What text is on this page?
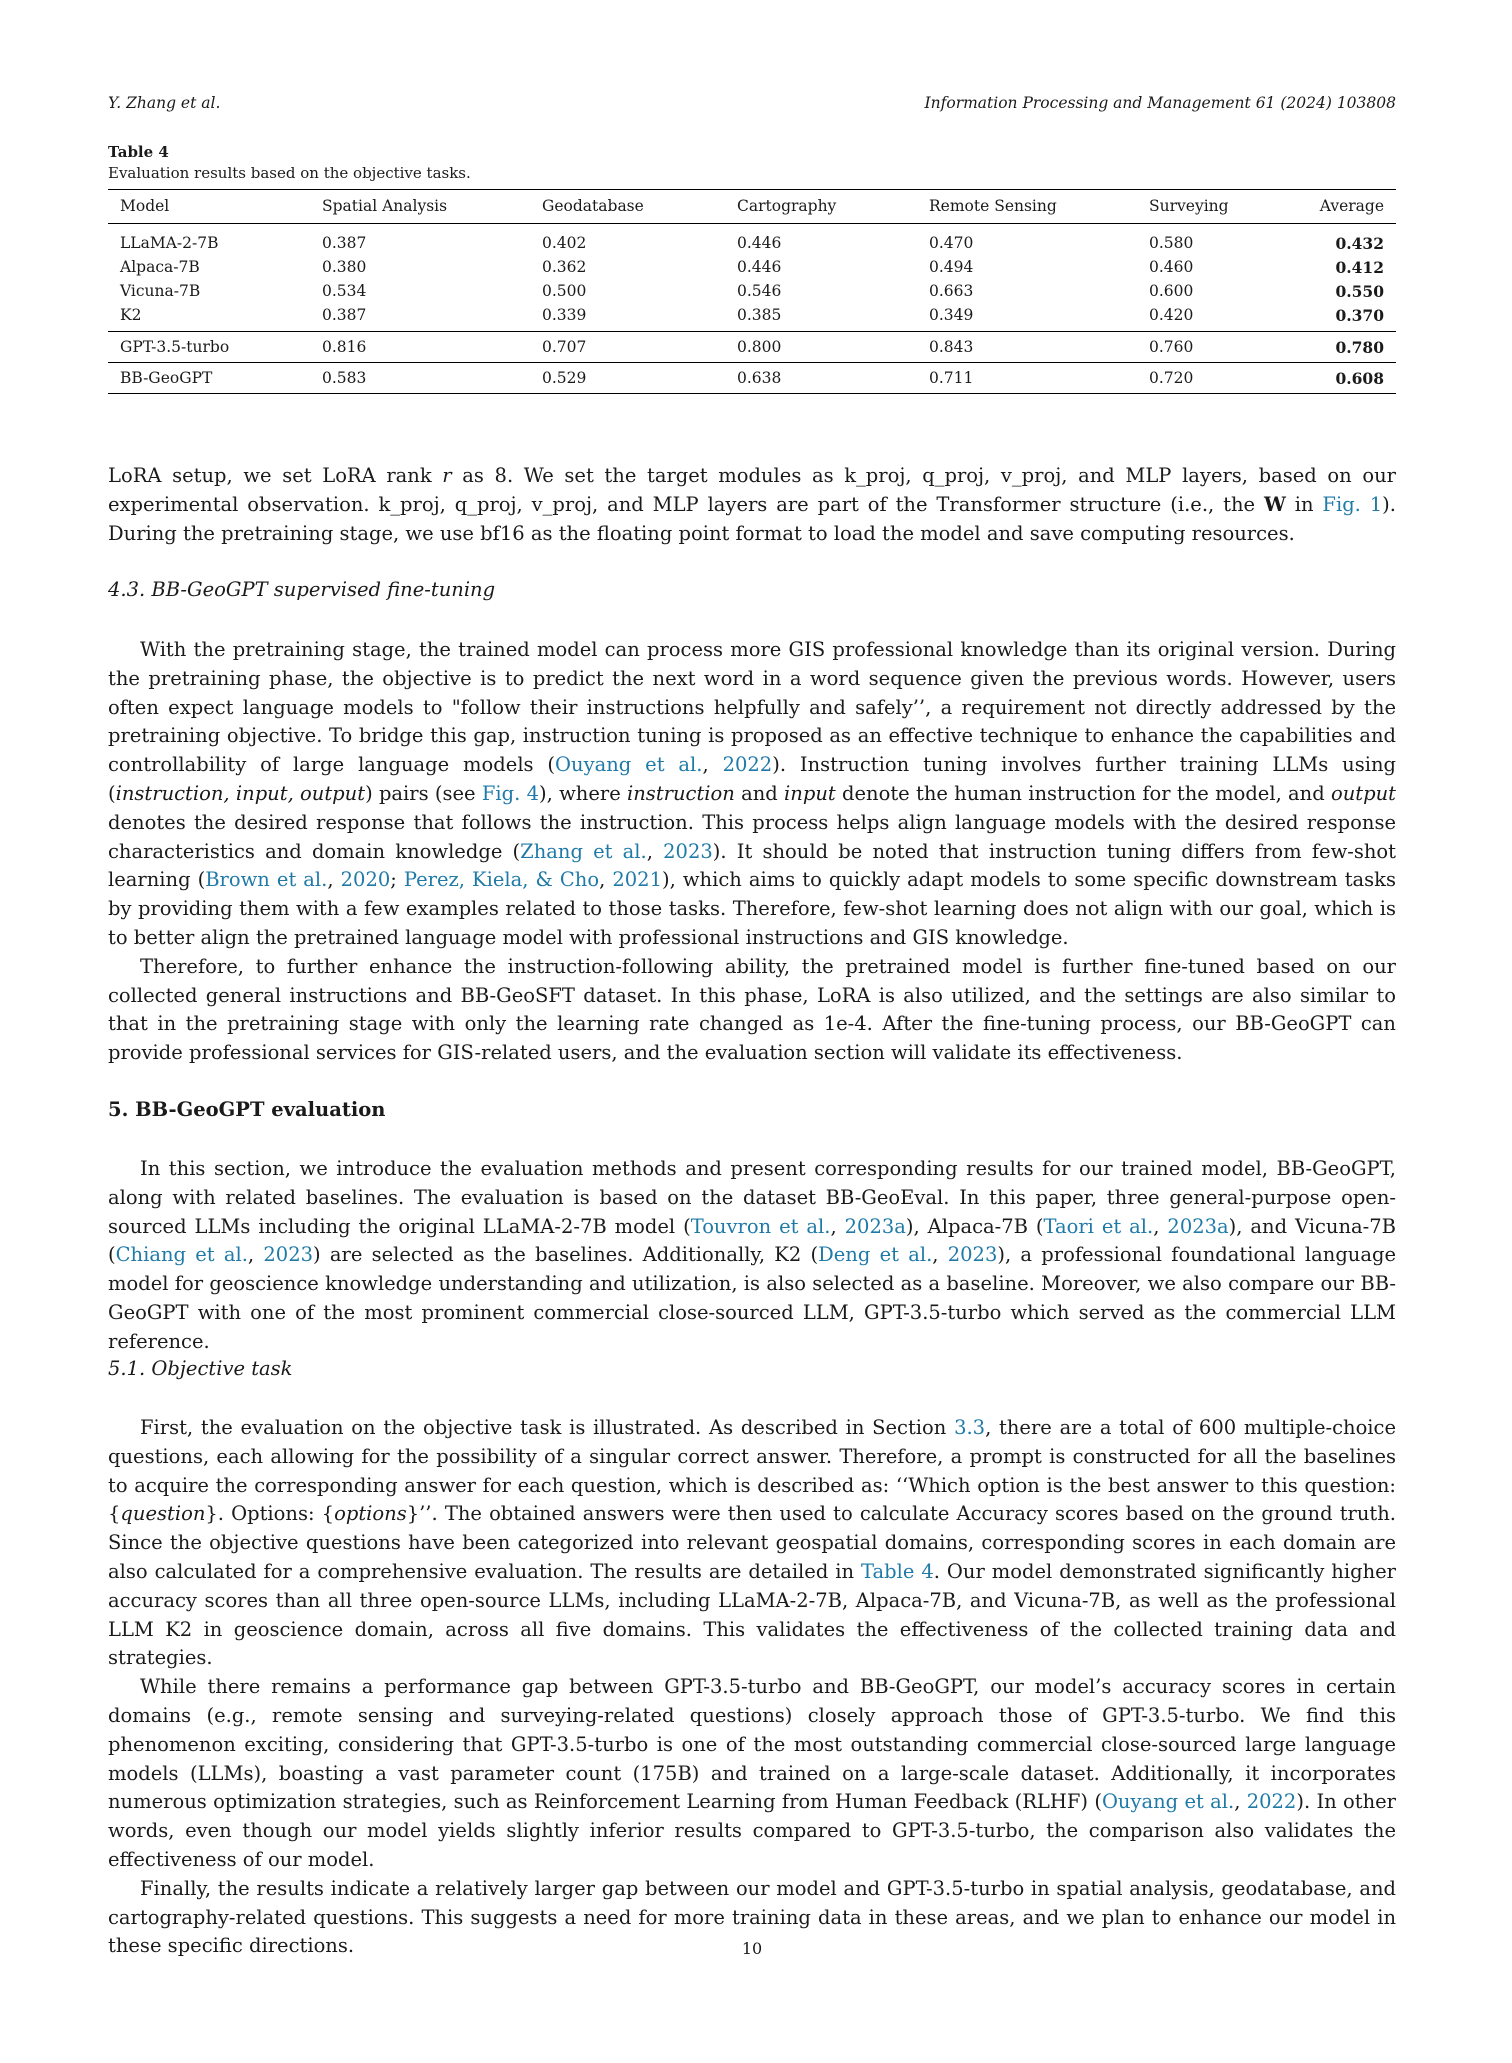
Y. Zhang et al.	Information Processing and Management 61 (2024) 103808
Table 4
Evaluation results based on the objective tasks.
Model	Spatial Analysis	Geodatabase	Cartography	Remote Sensing	Surveying	Average
LLaMA-2-7B	0.387	0.402	0.446	0.470	0.580	0.432
Alpaca-7B	0.380	0.362	0.446	0.494	0.460	0.412
Vicuna-7B	0.534	0.500	0.546	0.663	0.600	0.550
K2	0.387	0.339	0.385	0.349	0.420	0.370
GPT-3.5-turbo	0.816	0.707	0.800	0.843	0.760	0.780
BB-GeoGPT	0.583	0.529	0.638	0.711	0.720	0.608

LoRA setup, we set LoRA rank r as 8. We set the target modules as k_proj, q_proj, v_proj, and MLP layers, based on our experimental observation. k_proj, q_proj, v_proj, and MLP layers are part of the Transformer structure (i.e., the W in Fig. 1). During the pretraining stage, we use bf16 as the floating point format to load the model and save computing resources.

4.3. BB-GeoGPT supervised fine-tuning

With the pretraining stage, the trained model can process more GIS professional knowledge than its original version. During the pretraining phase, the objective is to predict the next word in a word sequence given the previous words. However, users often expect language models to "follow their instructions helpfully and safely’’, a requirement not directly addressed by the pretraining objective. To bridge this gap, instruction tuning is proposed as an effective technique to enhance the capabilities and controllability of large language models (Ouyang et al., 2022). Instruction tuning involves further training LLMs using (instruction, input, output) pairs (see Fig. 4), where instruction and input denote the human instruction for the model, and output denotes the desired response that follows the instruction. This process helps align language models with the desired response characteristics and domain knowledge (Zhang et al., 2023). It should be noted that instruction tuning differs from few-shot learning (Brown et al., 2020; Perez, Kiela, & Cho, 2021), which aims to quickly adapt models to some specific downstream tasks by providing them with a few examples related to those tasks. Therefore, few-shot learning does not align with our goal, which is to better align the pretrained language model with professional instructions and GIS knowledge.

Therefore, to further enhance the instruction-following ability, the pretrained model is further fine-tuned based on our collected general instructions and BB-GeoSFT dataset. In this phase, LoRA is also utilized, and the settings are also similar to that in the pretraining stage with only the learning rate changed as 1e-4. After the fine-tuning process, our BB-GeoGPT can provide professional services for GIS-related users, and the evaluation section will validate its effectiveness.

5. BB-GeoGPT evaluation

In this section, we introduce the evaluation methods and present corresponding results for our trained model, BB-GeoGPT, along with related baselines. The evaluation is based on the dataset BB-GeoEval. In this paper, three general-purpose open-sourced LLMs including the original LLaMA-2-7B model (Touvron et al., 2023a), Alpaca-7B (Taori et al., 2023a), and Vicuna-7B (Chiang et al., 2023) are selected as the baselines. Additionally, K2 (Deng et al., 2023), a professional foundational language model for geoscience knowledge understanding and utilization, is also selected as a baseline. Moreover, we also compare our BB-GeoGPT with one of the most prominent commercial close-sourced LLM, GPT-3.5-turbo which served as the commercial LLM reference.

5.1. Objective task

First, the evaluation on the objective task is illustrated. As described in Section 3.3, there are a total of 600 multiple-choice questions, each allowing for the possibility of a singular correct answer. Therefore, a prompt is constructed for all the baselines to acquire the corresponding answer for each question, which is described as: ‘‘Which option is the best answer to this question: {question}. Options: {options}’’. The obtained answers were then used to calculate Accuracy scores based on the ground truth. Since the objective questions have been categorized into relevant geospatial domains, corresponding scores in each domain are also calculated for a comprehensive evaluation. The results are detailed in Table 4. Our model demonstrated significantly higher accuracy scores than all three open-source LLMs, including LLaMA-2-7B, Alpaca-7B, and Vicuna-7B, as well as the professional LLM K2 in geoscience domain, across all five domains. This validates the effectiveness of the collected training data and strategies.

While there remains a performance gap between GPT-3.5-turbo and BB-GeoGPT, our model’s accuracy scores in certain domains (e.g., remote sensing and surveying-related questions) closely approach those of GPT-3.5-turbo. We find this phenomenon exciting, considering that GPT-3.5-turbo is one of the most outstanding commercial close-sourced large language models (LLMs), boasting a vast parameter count (175B) and trained on a large-scale dataset. Additionally, it incorporates numerous optimization strategies, such as Reinforcement Learning from Human Feedback (RLHF) (Ouyang et al., 2022). In other words, even though our model yields slightly inferior results compared to GPT-3.5-turbo, the comparison also validates the effectiveness of our model.

Finally, the results indicate a relatively larger gap between our model and GPT-3.5-turbo in spatial analysis, geodatabase, and cartography-related questions. This suggests a need for more training data in these areas, and we plan to enhance our model in these specific directions.	10
